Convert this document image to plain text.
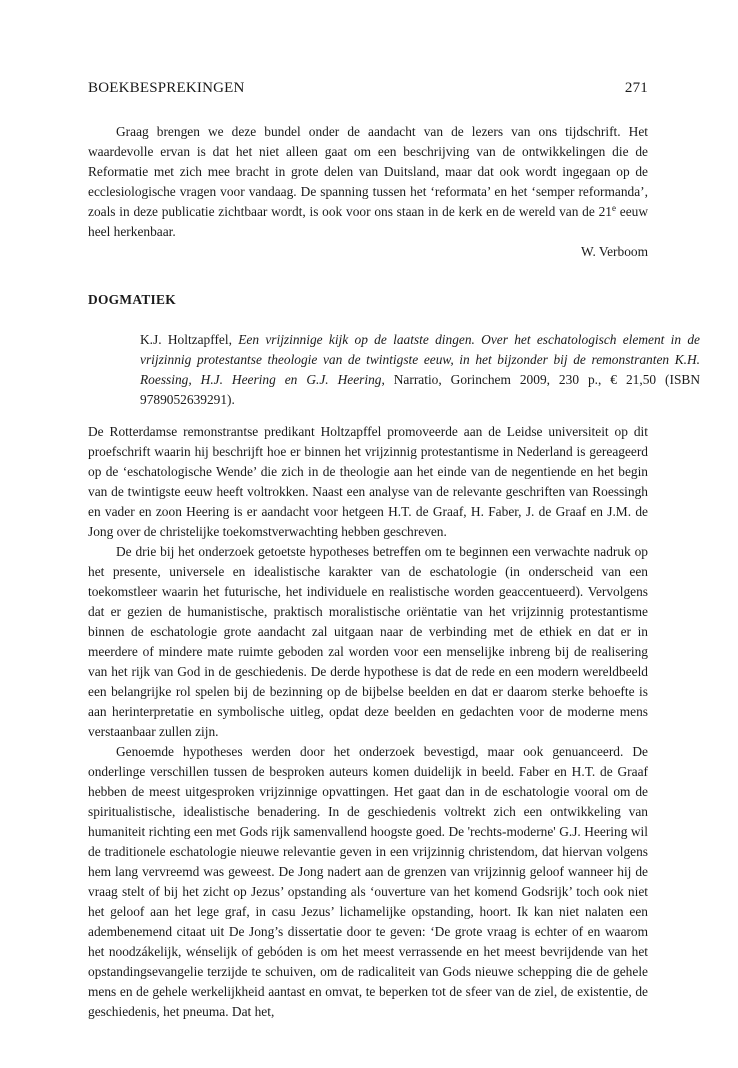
BOEKBESPREKINGEN	271

Graag brengen we deze bundel onder de aandacht van de lezers van ons tijdschrift. Het waardevolle ervan is dat het niet alleen gaat om een beschrijving van de ontwikkelingen die de Reformatie met zich mee bracht in grote delen van Duitsland, maar dat ook wordt ingegaan op de ecclesiologische vragen voor vandaag. De spanning tussen het ‘reformata’ en het ‘semper reformanda’, zoals in deze publicatie zichtbaar wordt, is ook voor ons staan in de kerk en de wereld van de 21e eeuw heel herkenbaar.

W. Verboom

DOGMATIEK
K.J. Holtzapffel, Een vrijzinnige kijk op de laatste dingen. Over het eschatologisch element in de vrijzinnig protestantse theologie van de twintigste eeuw, in het bijzonder bij de remonstranten K.H. Roessing, H.J. Heering en G.J. Heering, Narratio, Gorinchem 2009, 230 p., € 21,50 (ISBN 9789052639291).

De Rotterdamse remonstrantse predikant Holtzapffel promoveerde aan de Leidse universiteit op dit proefschrift waarin hij beschrijft hoe er binnen het vrijzinnig protestantisme in Nederland is gereageerd op de ‘eschatologische Wende’ die zich in de theologie aan het einde van de negentiende en het begin van de twintigste eeuw heeft voltrokken. Naast een analyse van de relevante geschriften van Roessingh en vader en zoon Heering is er aandacht voor hetgeen H.T. de Graaf, H. Faber, J. de Graaf en J.M. de Jong over de christelijke toekomstverwachting hebben geschreven.

De drie bij het onderzoek getoetste hypotheses betreffen om te beginnen een verwachte nadruk op het presente, universele en idealistische karakter van de eschatologie (in onderscheid van een toekomstleer waarin het futurische, het individuele en realistische worden geaccentueerd). Vervolgens dat er gezien de humanistische, praktisch moralistische oriëntatie van het vrijzinnig protestantisme binnen de eschatologie grote aandacht zal uitgaan naar de verbinding met de ethiek en dat er in meerdere of mindere mate ruimte geboden zal worden voor een menselijke inbreng bij de realisering van het rijk van God in de geschiedenis. De derde hypothese is dat de rede en een modern wereldbeeld een belangrijke rol spelen bij de bezinning op de bijbelse beelden en dat er daarom sterke behoefte is aan herinterpretatie en symbolische uitleg, opdat deze beelden en gedachten voor de moderne mens verstaanbaar zullen zijn.

Genoemde hypotheses werden door het onderzoek bevestigd, maar ook genuanceerd. De onderlinge verschillen tussen de besproken auteurs komen duidelijk in beeld. Faber en H.T. de Graaf hebben de meest uitgesproken vrijzinnige opvattingen. Het gaat dan in de eschatologie vooral om de spiritualistische, idealistische benadering. In de geschiedenis voltrekt zich een ontwikkeling van humaniteit richting een met Gods rijk samenvallend hoogste goed. De 'rechts-moderne' G.J. Heering wil de traditionele eschatologie nieuwe relevantie geven in een vrijzinnig christendom, dat hiervan volgens hem lang vervreemd was geweest. De Jong nadert aan de grenzen van vrijzinnig geloof wanneer hij de vraag stelt of bij het zicht op Jezus’ opstanding als ‘ouverture van het komend Godsrijk’ toch ook niet het geloof aan het lege graf, in casu Jezus’ lichamelijke opstanding, hoort. Ik kan niet nalaten een adembenemend citaat uit De Jong’s dissertatie door te geven: ‘De grote vraag is echter of en waarom het noodzákelijk, wénselijk of gebóden is om het meest verrassende en het meest bevrijdende van het opstandingsevangelie terzijde te schuiven, om de radicaliteit van Gods nieuwe schepping die de gehele mens en de gehele werkelijkheid aantast en omvat, te beperken tot de sfeer van de ziel, de existentie, de geschiedenis, het pneuma. Dat het,
